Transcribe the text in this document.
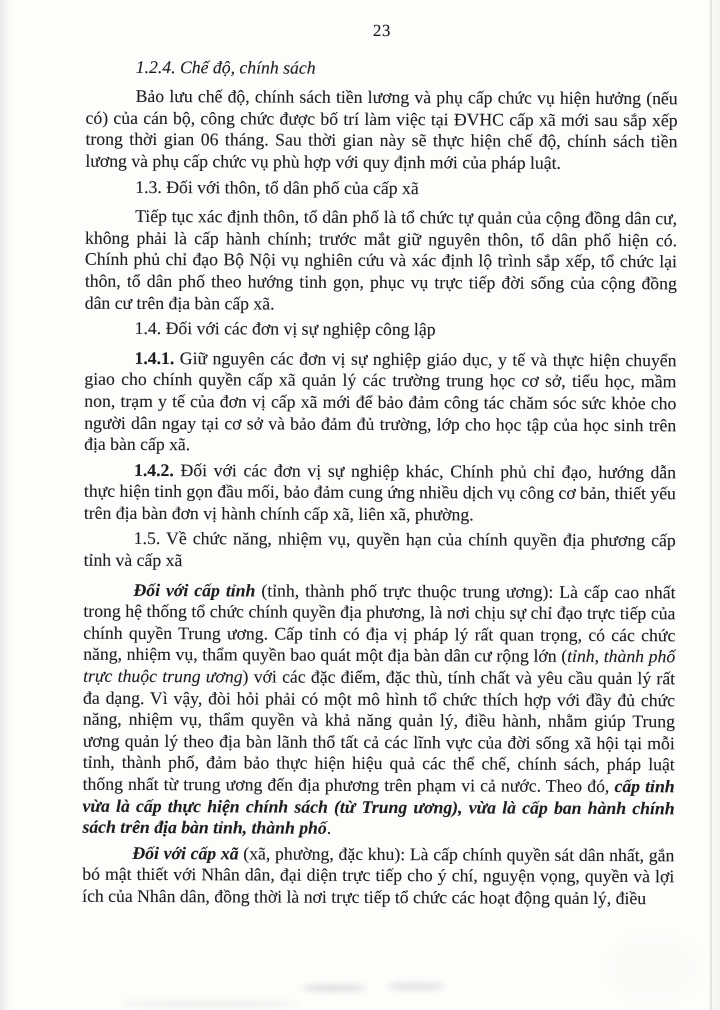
23
1.2.4. Chế độ, chính sách

Bảo lưu chế độ, chính sách tiền lương và phụ cấp chức vụ hiện hưởng (nếu có) của cán bộ, công chức được bố trí làm việc tại ĐVHC cấp xã mới sau sắp xếp trong thời gian 06 tháng. Sau thời gian này sẽ thực hiện chế độ, chính sách tiền lương và phụ cấp chức vụ phù hợp với quy định mới của pháp luật.

1.3. Đối với thôn, tổ dân phố của cấp xã

Tiếp tục xác định thôn, tổ dân phố là tổ chức tự quản của cộng đồng dân cư, không phải là cấp hành chính; trước mắt giữ nguyên thôn, tổ dân phố hiện có. Chính phủ chỉ đạo Bộ Nội vụ nghiên cứu và xác định lộ trình sắp xếp, tổ chức lại thôn, tổ dân phố theo hướng tinh gọn, phục vụ trực tiếp đời sống của cộng đồng dân cư trên địa bàn cấp xã.

1.4. Đối với các đơn vị sự nghiệp công lập

1.4.1. Giữ nguyên các đơn vị sự nghiệp giáo dục, y tế và thực hiện chuyển giao cho chính quyền cấp xã quản lý các trường trung học cơ sở, tiểu học, mầm non, trạm y tế của đơn vị cấp xã mới để bảo đảm công tác chăm sóc sức khỏe cho người dân ngay tại cơ sở và bảo đảm đủ trường, lớp cho học tập của học sinh trên địa bàn cấp xã.

1.4.2. Đối với các đơn vị sự nghiệp khác, Chính phủ chỉ đạo, hướng dẫn thực hiện tinh gọn đầu mối, bảo đảm cung ứng nhiều dịch vụ công cơ bản, thiết yếu trên địa bàn đơn vị hành chính cấp xã, liên xã, phường.

1.5. Về chức năng, nhiệm vụ, quyền hạn của chính quyền địa phương cấp tỉnh và cấp xã

Đối với cấp tỉnh (tỉnh, thành phố trực thuộc trung ương): Là cấp cao nhất trong hệ thống tổ chức chính quyền địa phương, là nơi chịu sự chỉ đạo trực tiếp của chính quyền Trung ương. Cấp tỉnh có địa vị pháp lý rất quan trọng, có các chức năng, nhiệm vụ, thẩm quyền bao quát một địa bàn dân cư rộng lớn (tỉnh, thành phố trực thuộc trung ương) với các đặc điểm, đặc thù, tính chất và yêu cầu quản lý rất đa dạng. Vì vậy, đòi hỏi phải có một mô hình tổ chức thích hợp với đầy đủ chức năng, nhiệm vụ, thẩm quyền và khả năng quản lý, điều hành, nhằm giúp Trung ương quản lý theo địa bàn lãnh thổ tất cả các lĩnh vực của đời sống xã hội tại mỗi tỉnh, thành phố, đảm bảo thực hiện hiệu quả các thể chế, chính sách, pháp luật thống nhất từ trung ương đến địa phương trên phạm vi cả nước. Theo đó, cấp tỉnh vừa là cấp thực hiện chính sách (từ Trung ương), vừa là cấp ban hành chính sách trên địa bàn tỉnh, thành phố.

Đối với cấp xã (xã, phường, đặc khu): Là cấp chính quyền sát dân nhất, gắn bó mật thiết với Nhân dân, đại diện trực tiếp cho ý chí, nguyện vọng, quyền và lợi ích của Nhân dân, đồng thời là nơi trực tiếp tổ chức các hoạt động quản lý, điều
